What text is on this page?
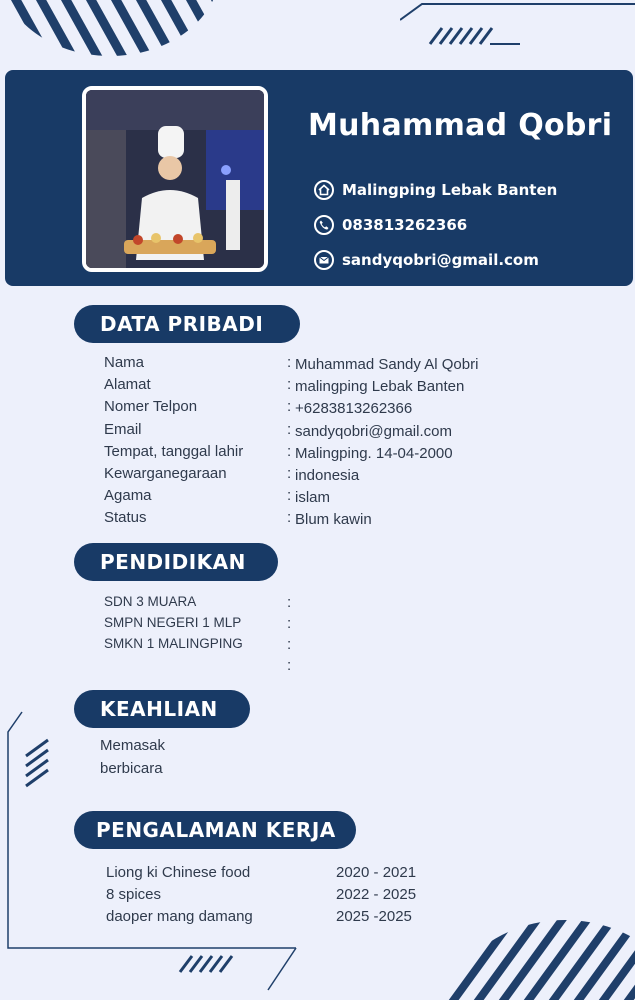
Muhammad Qobri
Malingping Lebak Banten
083813262366
sandyqobri@gmail.com
DATA PRIBADI
Nama
Alamat
Nomer Telpon
Email
Tempat, tanggal lahir
Kewarganegaraan
Agama
Status
:
:
:
:
:
:
:
:
Muhammad Sandy Al Qobri
malingping Lebak Banten
+6283813262366
sandyqobri@gmail.com
Malingping. 14-04-2000
indonesia
islam
Blum kawin
PENDIDIKAN
SDN 3 MUARA
SMPN NEGERI 1 MLP
SMKN 1 MALINGPING
:
:
:
:
KEAHLIAN
Memasak
berbicara
PENGALAMAN KERJA
Liong ki Chinese food
8 spices
daoper mang damang
2020 - 2021
2022 - 2025
2025 -2025
